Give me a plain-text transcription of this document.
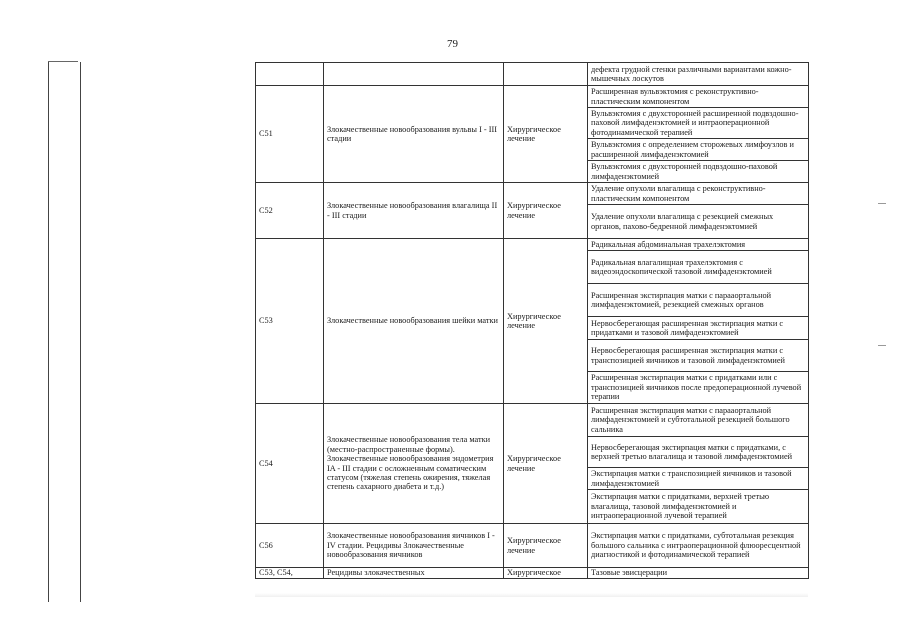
79
			дефекта грудной стенки различными вариантами кожно-мышечных лоскутов
C51	Злокачественные новообразования вульвы I - III стадии	Хирургическое лечение	Расширенная вульвэктомия с реконструктивно-пластическим компонентом
			Вульвэктомия с двухсторонней расширенной подвздошно-паховой лимфаденэктомией и интраоперационной фотодинамической терапией
			Вульвэктомия с определением сторожевых лимфоузлов и расширенной лимфаденэктомией
			Вульвэктомия с двухсторонней подвздошно-паховой лимфаденэктомией
C52	Злокачественные новообразования влагалища II - III стадии	Хирургическое лечение	Удаление опухоли влагалища с реконструктивно-пластическим компонентом
			Удаление опухоли влагалища с резекцией смежных органов, пахово-бедренной лимфаденэктомией
C53	Злокачественные новообразования шейки матки	Хирургическое лечение	Радикальная абдоминальная трахелэктомия
			Радикальная влагалищная трахелэктомия с видеоэндоскопической тазовой лимфаденэктомией
			Расширенная экстирпация матки с парааортальной лимфаденэктомией, резекцией смежных органов
			Нервосберегающая расширенная экстирпация матки с придатками и тазовой лимфаденэктомией
			Нервосберегающая расширенная экстирпация матки с транспозицией яичников и тазовой лимфаденэктомией
			Расширенная экстирпация матки с придатками или с транспозицией яичников после предоперационной лучевой терапии
C54	Злокачественные новообразования тела матки (местно-распространенные формы). Злокачественные новообразования эндометрия IA - III стадии с осложненным соматическим статусом (тяжелая степень ожирения, тяжелая степень сахарного диабета и т.д.)	Хирургическое лечение	Расширенная экстирпация матки с парааортальной лимфаденэктомией и субтотальной резекцией большого сальника
			Нервосберегающая экстирпация матки с придатками, с верхней третью влагалища и тазовой лимфаденэктомией
			Экстирпация матки с транспозицией яичников и тазовой лимфаденэктомией
			Экстирпация матки с придатками, верхней третью влагалища, тазовой лимфаденэктомией и интраоперационной лучевой терапией
C56	Злокачественные новообразования яичников I - IV стадии. Рецидивы Злокачественные новообразования яичников	Хирургическое лечение	Экстирпация матки с придатками, субтотальная резекция большого сальника с интраоперационной флюоресцентной диагностикой и фотодинамической терапией
C53, C54,	Рецидивы злокачественных	Хирургическое	Тазовые эвисцерации
